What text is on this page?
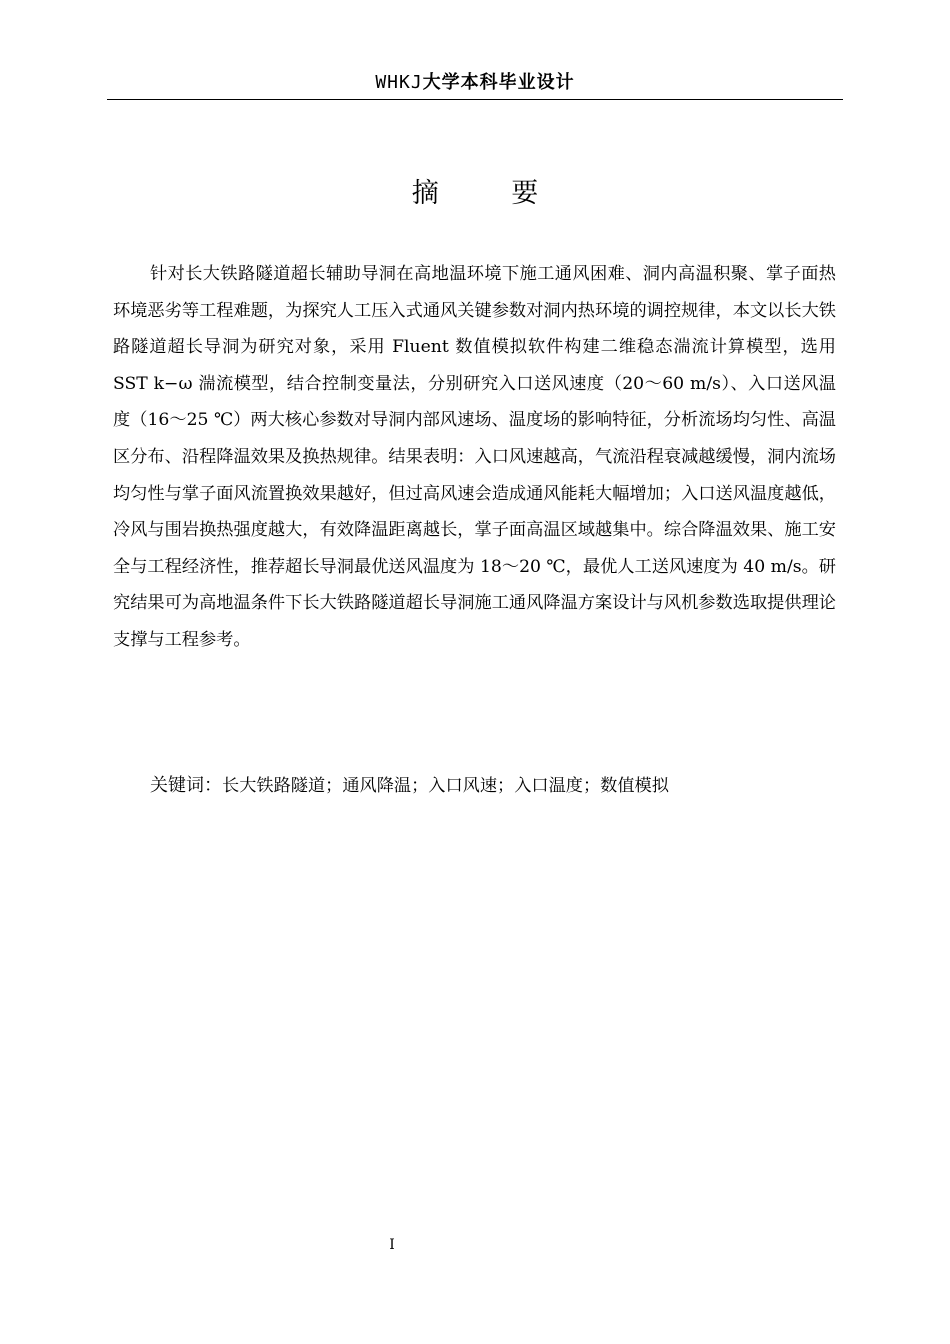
WHKJ大学本科毕业设计
摘 要

针对长大铁路隧道超长辅助导洞在高地温环境下施工通风困难、洞内高温积聚、掌子面热环境恶劣等工程难题，为探究人工压入式通风关键参数对洞内热环境的调控规律，本文以长大铁路隧道超长导洞为研究对象，采用 Fluent 数值模拟软件构建二维稳态湍流计算模型，选用 SST k−ω 湍流模型，结合控制变量法，分别研究入口送风速度（20～60 m/s）、入口送风温度（16～25 ℃）两大核心参数对导洞内部风速场、温度场的影响特征，分析流场均匀性、高温区分布、沿程降温效果及换热规律。结果表明：入口风速越高，气流沿程衰减越缓慢，洞内流场均匀性与掌子面风流置换效果越好，但过高风速会造成通风能耗大幅增加；入口送风温度越低，冷风与围岩换热强度越大，有效降温距离越长，掌子面高温区域越集中。综合降温效果、施工安全与工程经济性，推荐超长导洞最优送风温度为 18～20 ℃，最优人工送风速度为 40 m/s。研究结果可为高地温条件下长大铁路隧道超长导洞施工通风降温方案设计与风机参数选取提供理论支撑与工程参考。

关键词：长大铁路隧道；通风降温；入口风速；入口温度；数值模拟
I
